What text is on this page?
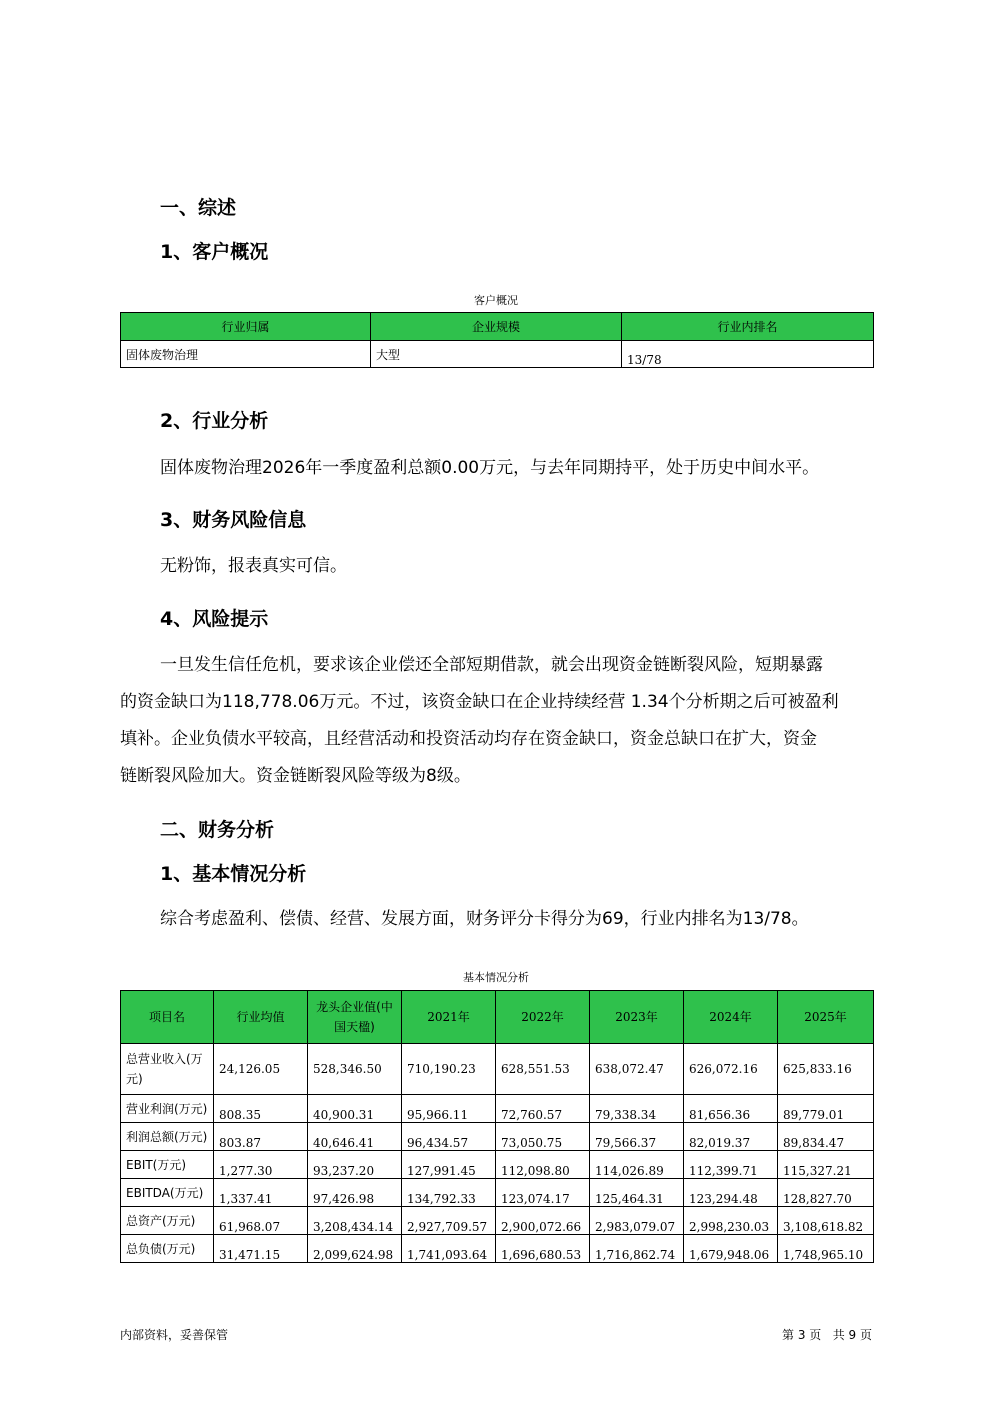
一、综述
1、客户概况
客户概况
行业归属	企业规模	行业内排名
固体废物治理	大型	13/78
2、行业分析
固体废物治理2026年一季度盈利总额0.00万元，与去年同期持平，处于历史中间水平。
3、财务风险信息
无粉饰，报表真实可信。
4、风险提示
一旦发生信任危机，要求该企业偿还全部短期借款，就会出现资金链断裂风险，短期暴露
的资金缺口为118,778.06万元。不过，该资金缺口在企业持续经营 1.34个分析期之后可被盈利
填补。企业负债水平较高，且经营活动和投资活动均存在资金缺口，资金总缺口在扩大，资金
链断裂风险加大。资金链断裂风险等级为8级。
二、财务分析
1、基本情况分析
综合考虑盈利、偿债、经营、发展方面，财务评分卡得分为69，行业内排名为13/78。
基本情况分析
项目名	行业均值	龙头企业值(中国天楹)	2021年	2022年	2023年	2024年	2025年
总营业收入(万元)	24,126.05	528,346.50	710,190.23	628,551.53	638,072.47	626,072.16	625,833.16
营业利润(万元)	808.35	40,900.31	95,966.11	72,760.57	79,338.34	81,656.36	89,779.01
利润总额(万元)	803.87	40,646.41	96,434.57	73,050.75	79,566.37	82,019.37	89,834.47
EBIT(万元)	1,277.30	93,237.20	127,991.45	112,098.80	114,026.89	112,399.71	115,327.21
EBITDA(万元)	1,337.41	97,426.98	134,792.33	123,074.17	125,464.31	123,294.48	128,827.70
总资产(万元)	61,968.07	3,208,434.14	2,927,709.57	2,900,072.66	2,983,079.07	2,998,230.03	3,108,618.82
总负债(万元)	31,471.15	2,099,624.98	1,741,093.64	1,696,680.53	1,716,862.74	1,679,948.06	1,748,965.10
内部资料，妥善保管	第 3 页   共 9 页
